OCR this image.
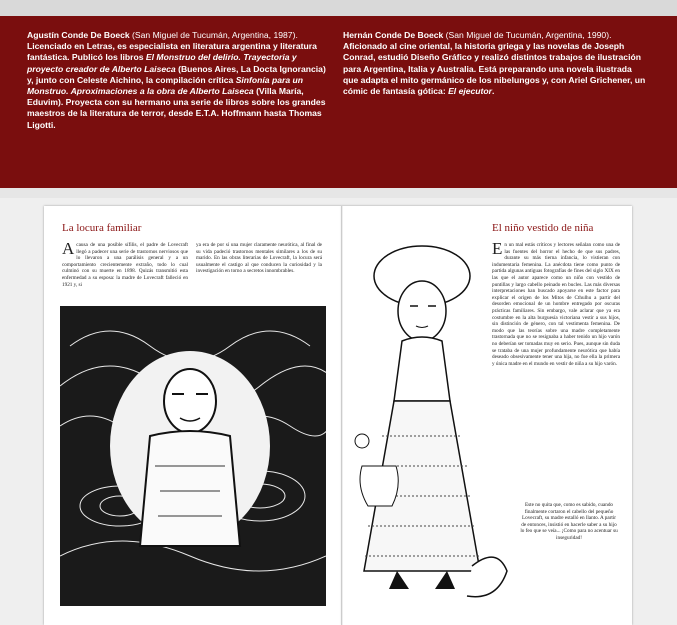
Agustín Conde De Boeck (San Miguel de Tucumán, Argentina, 1987). Licenciado en Letras, es especialista en literatura argentina y literatura fantástica. Publicó los libros El Monstruo del delirio. Trayectoria y proyecto creador de Alberto Laiseca (Buenos Aires, La Docta Ignorancia) y, junto con Celeste Aichino, la compilación crítica Sinfonía para un Monstruo. Aproximaciones a la obra de Alberto Laiseca (Villa María, Eduvim). Proyecta con su hermano una serie de libros sobre los grandes maestros de la literatura de terror, desde E.T.A. Hoffmann hasta Thomas Ligotti.
Hernán Conde De Boeck (San Miguel de Tucumán, Argentina, 1990). Aficionado al cine oriental, la historia griega y las novelas de Joseph Conrad, estudió Diseño Gráfico y realizó distintos trabajos de ilustración para Argentina, Italia y Australia. Está preparando una novela ilustrada que adapta el mito germánico de los nibelungos y, con Ariel Grichener, un cómic de fantasía gótica: El ejecutor.
La locura familiar
Acausa de una posible sífilis, el padre de Lovecraft llegó a padecer una serie de trastornos nerviosos que lo llevaron a una parálisis general y a un comportamiento crecientemente extraño, todo lo cual culminó con su muerte en 1898. Quizás transmitió esta enfermedad a su esposa: la madre de Lovecraft falleció en 1921 y, si
ya era de por sí una mujer claramente neurótica, al final de su vida padeció trastornos mentales similares a los de su marido. En las obras literarias de Lovecraft, la locura será usualmente el castigo al que conducen la curiosidad y la investigación en torno a secretos innombrables.
El niño vestido de niña
En un mal estás críticos y lectores señalan como una de las fuentes del horror el hecho de que sus padres, durante su más tierna infancia, lo vistieran con indumentaria femenina. La anécdota tiene como punto de partida algunas antiguas fotografías de fines del siglo XIX en las que el autor aparece como un niño con vestido de puntillas y largo cabello peinado en bucles. Las más diversas interpretaciones han buscado apoyarse en este factor para explicar el origen de los Mitos de Cthulhu a partir del desorden emocional de un hombre entregado por oscuras prácticas familiares. Sin embargo, vale aclarar que ya era costumbre en la alta burguesía victoriana vestir a sus hijos, sin distinción de género, con tal vestimenta femenina. De modo que las teorías sobre una madre completamente trastornada que no se resignaba a haber tenido un hijo varón no deberían ser tomadas muy en serio. Pues, aunque sin duda se trataba de una mujer profundamente neurótica que había deseado obsesivamente tener una hija, no fue ella la primera y única madre en el mundo en vestir de niña a su hijo varón.
Este no quita que, como es sabido, cuando finalmente cortaron el cabello del pequeño Lovecraft, su madre estalló en llanto. A partir de entonces, insistió en hacerle saber a su hijo lo feo que se veía... ¡Como para no acentuar su inseguridad!
